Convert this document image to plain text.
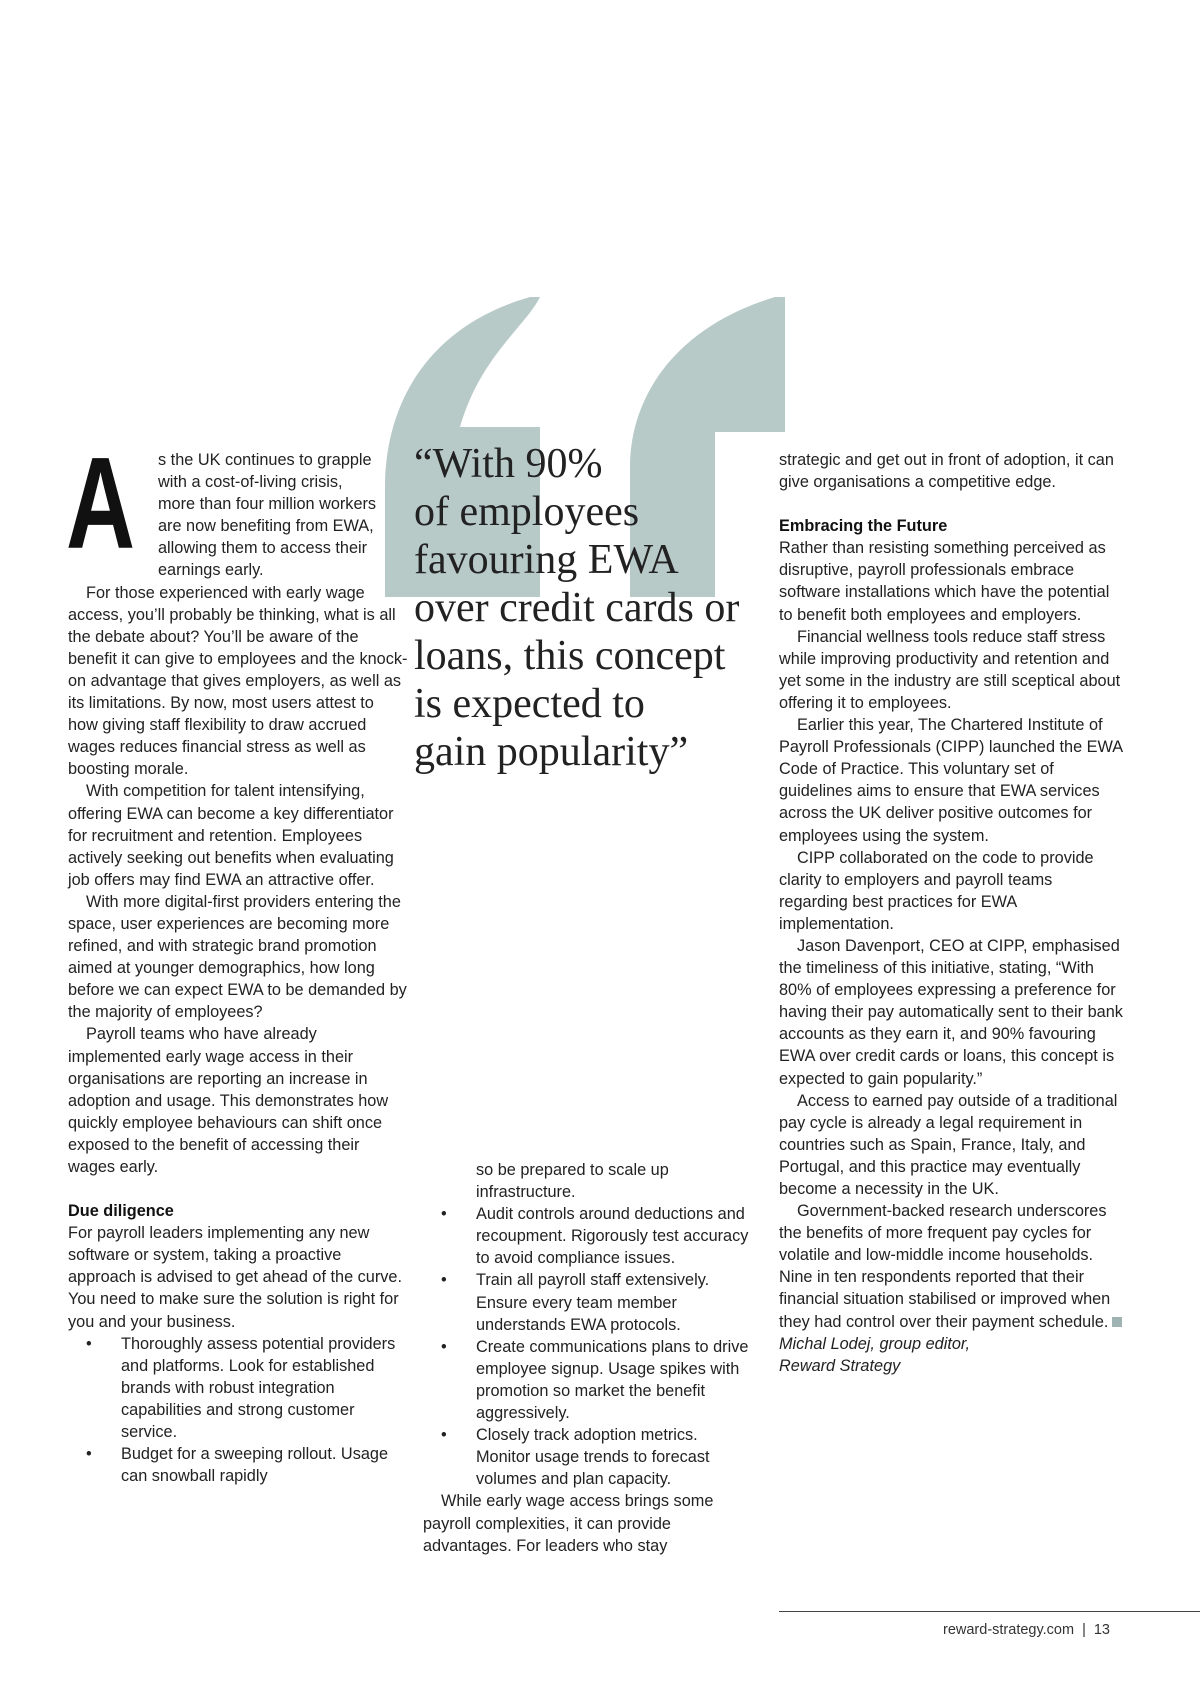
“With 90%
of employees
favouring EWA
over credit cards or
loans, this concept
is expected to
gain popularity”
A	s the UK continues to grapple

with a cost-of-living crisis,

more than four million workers

are now benefiting from EWA,

allowing them to access their

earnings early.

For those experienced with early wage access, you’ll probably be thinking, what is all the debate about? You’ll be aware of the benefit it can give to employees and the knock-on advantage that gives employers, as well as its limitations. By now, most users attest to how giving staff flexibility to draw accrued wages reduces financial stress as well as boosting morale.

With competition for talent intensifying, offering EWA can become a key differentiator for recruitment and retention. Employees actively seeking out benefits when evaluating job offers may find EWA an attractive offer.

With more digital-first providers entering the space, user experiences are becoming more refined, and with strategic brand promotion aimed at younger demographics, how long before we can expect EWA to be demanded by the majority of employees?

Payroll teams who have already implemented early wage access in their organisations are reporting an increase in adoption and usage. This demonstrates how quickly employee behaviours can shift once exposed to the benefit of accessing their wages early.

Due diligence

For payroll leaders implementing any new software or system, taking a proactive approach is advised to get ahead of the curve. You need to make sure the solution is right for you and your business.

• Thoroughly assess potential providers and platforms. Look for established brands with robust integration capabilities and strong customer service.
• Budget for a sweeping rollout. Usage can snowball rapidly
so be prepared to scale up infrastructure.
• Audit controls around deductions and recoupment. Rigorously test accuracy to avoid compliance issues.
• Train all payroll staff extensively. Ensure every team member understands EWA protocols.
• Create communications plans to drive employee signup. Usage spikes with promotion so market the benefit aggressively.
• Closely track adoption metrics. Monitor usage trends to forecast volumes and plan capacity.

While early wage access brings some payroll complexities, it can provide advantages. For leaders who stay

strategic and get out in front of adoption, it can give organisations a competitive edge.

Embracing the Future

Rather than resisting something perceived as disruptive, payroll professionals embrace software installations which have the potential to benefit both employees and employers.

Financial wellness tools reduce staff stress while improving productivity and retention and yet some in the industry are still sceptical about offering it to employees.

Earlier this year, The Chartered Institute of Payroll Professionals (CIPP) launched the EWA Code of Practice. This voluntary set of guidelines aims to ensure that EWA services across the UK deliver positive outcomes for employees using the system.

CIPP collaborated on the code to provide clarity to employers and payroll teams regarding best practices for EWA implementation.

Jason Davenport, CEO at CIPP, emphasised the timeliness of this initiative, stating, “With 80% of employees expressing a preference for having their pay automatically sent to their bank accounts as they earn it, and 90% favouring EWA over credit cards or loans, this concept is expected to gain popularity.”

Access to earned pay outside of a traditional pay cycle is already a legal requirement in countries such as Spain, France, Italy, and Portugal, and this practice may eventually become a necessity in the UK.

Government-backed research underscores the benefits of more frequent pay cycles for volatile and low-middle income households. Nine in ten respondents reported that their financial situation stabilised or improved when they had control over their payment schedule.

Michal Lodej, group editor,

Reward Strategy

reward-strategy.com | 13
